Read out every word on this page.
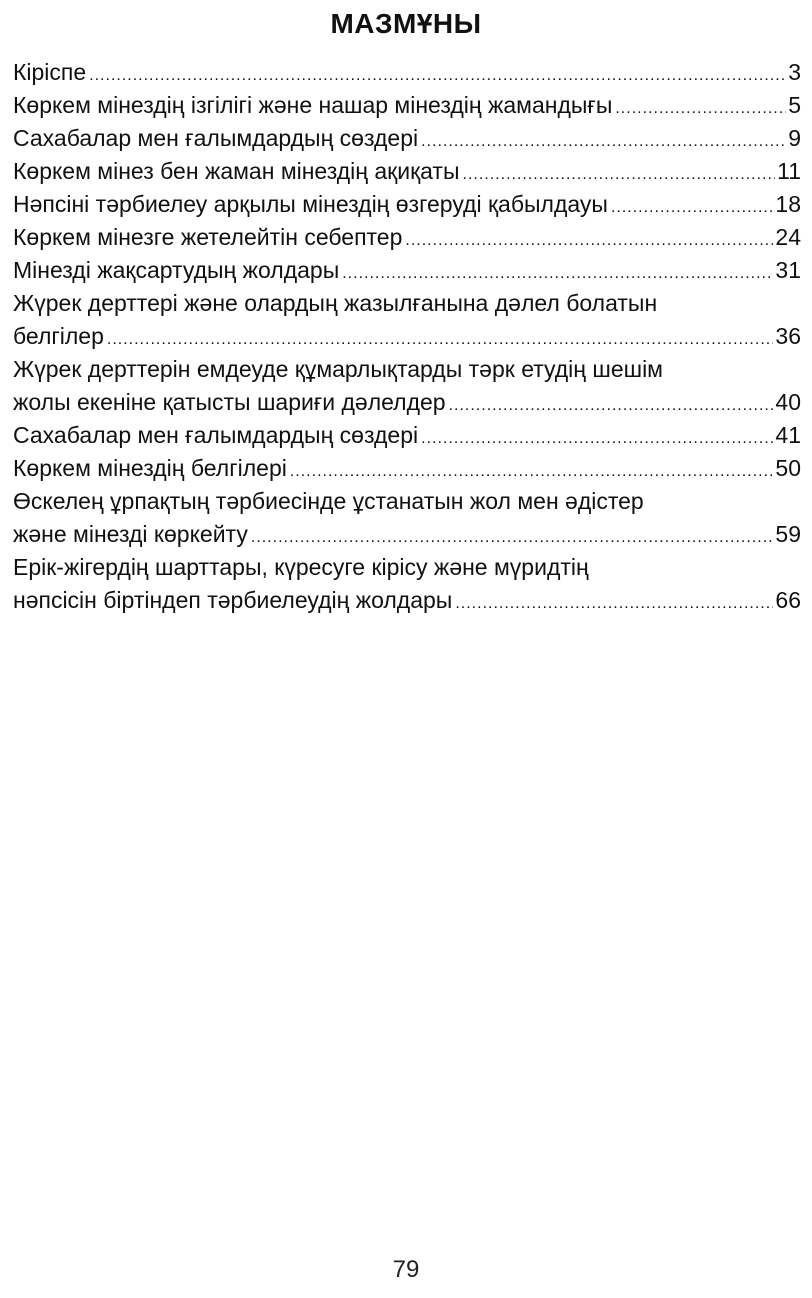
МАЗМҰНЫ
Кіріспе .....	3
Көркем мінездің ізгілігі және нашар мінездің жамандығы .....	5
Сахабалар мен ғалымдардың сөздері .....	9
Көркем мінез бен жаман мінездің ақиқаты .....	11
Нәпсіні тәрбиелеу арқылы мінездің өзгеруді қабылдауы .....	18
Көркем мінезге жетелейтін себептер .....	24
Мінезді жақсартудың жолдары .....	31
Жүрек дерттері және олардың жазылғанына дәлел болатын
белгілер .....	36
Жүрек дерттерін емдеуде құмарлықтарды тәрк етудің шешім
жолы екеніне қатысты шариғи дәлелдер .....	40
Сахабалар мен ғалымдардың сөздері .....	41
Көркем мінездің белгілері .....	50
Өскелең ұрпақтың тәрбиесінде ұстанатын жол мен әдістер
және мінезді көркейту .....	59
Ерік-жігердің шарттары, күресуге кірісу және мүридтің
нәпсісін біртіндеп тәрбиелеудің жолдары .....	66
79
